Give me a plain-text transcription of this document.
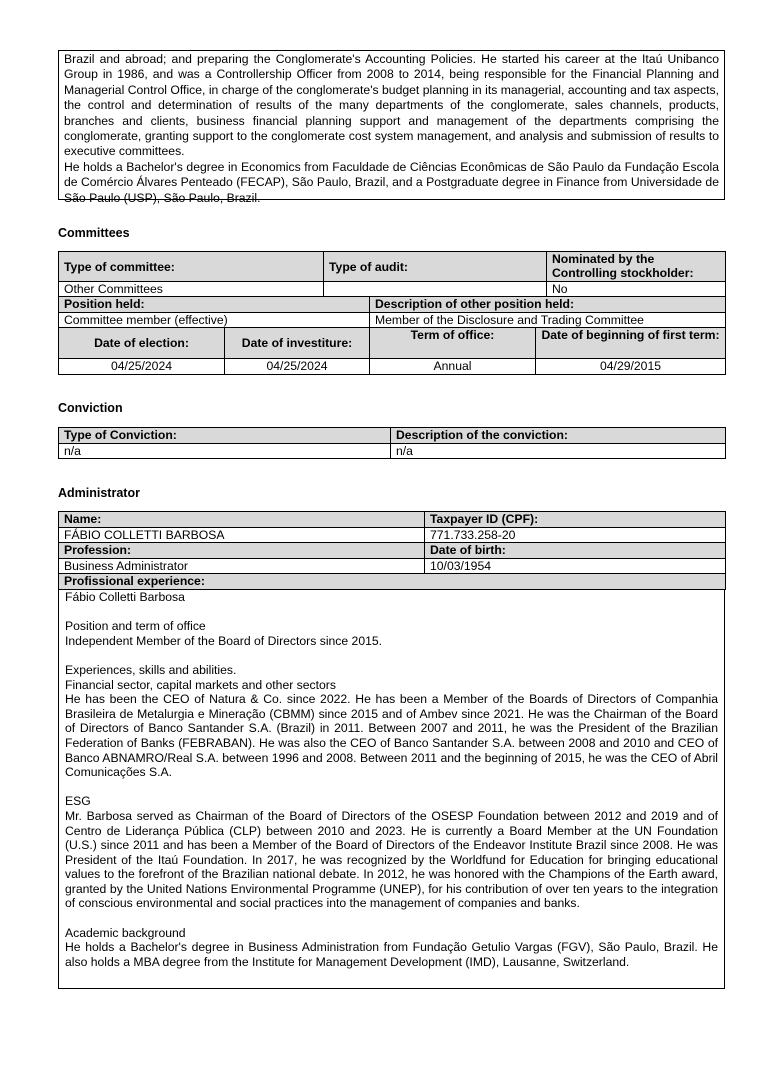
Brazil and abroad; and preparing the Conglomerate's Accounting Policies. He started his career at the Itaú Unibanco Group in 1986, and was a Controllership Officer from 2008 to 2014, being responsible for the Financial Planning and Managerial Control Office, in charge of the conglomerate's budget planning in its managerial, accounting and tax aspects, the control and determination of results of the many departments of the conglomerate, sales channels, products, branches and clients, business financial planning support and management of the departments comprising the conglomerate, granting support to the conglomerate cost system management, and analysis and submission of results to executive committees.

He holds a Bachelor's degree in Economics from Faculdade de Ciências Econômicas de São Paulo da Fundação Escola de Comércio Álvares Penteado (FECAP), São Paulo, Brazil, and a Postgraduate degree in Finance from Universidade de São Paulo (USP), São Paulo, Brazil.

Committees
Type of committee:	Type of audit:	Nominated by the Controlling stockholder:
Other Committees		No
Position held:	Description of other position held:
Committee member (effective)	Member of the Disclosure and Trading Committee
Date of election:	Date of investiture:	Term of office:	Date of beginning of first term:
04/25/2024	04/25/2024	Annual	04/29/2015
Conviction
Type of Conviction:	Description of the conviction:
n/a	n/a
Administrator
Name:	Taxpayer ID (CPF):
FÁBIO COLLETTI BARBOSA	771.733.258-20
Profession:	Date of birth:
Business Administrator	10/03/1954
Profissional experience:	

Fábio Colletti Barbosa

Position and term of office

Independent Member of the Board of Directors since 2015.

Experiences, skills and abilities.

Financial sector, capital markets and other sectors

He has been the CEO of Natura & Co. since 2022. He has been a Member of the Boards of Directors of Companhia Brasileira de Metalurgia e Mineração (CBMM) since 2015 and of Ambev since 2021. He was the Chairman of the Board of Directors of Banco Santander S.A. (Brazil) in 2011. Between 2007 and 2011, he was the President of the Brazilian Federation of Banks (FEBRABAN). He was also the CEO of Banco Santander S.A. between 2008 and 2010 and CEO of Banco ABNAMRO/Real S.A. between 1996 and 2008. Between 2011 and the beginning of 2015, he was the CEO of Abril Comunicações S.A.

ESG

Mr. Barbosa served as Chairman of the Board of Directors of the OSESP Foundation between 2012 and 2019 and of Centro de Liderança Pública (CLP) between 2010 and 2023. He is currently a Board Member at the UN Foundation (U.S.) since 2011 and has been a Member of the Board of Directors of the Endeavor Institute Brazil since 2008. He was President of the Itaú Foundation. In 2017, he was recognized by the Worldfund for Education for bringing educational values to the forefront of the Brazilian national debate. In 2012, he was honored with the Champions of the Earth award, granted by the United Nations Environmental Programme (UNEP), for his contribution of over ten years to the integration of conscious environmental and social practices into the management of companies and banks.

Academic background

He holds a Bachelor's degree in Business Administration from Fundação Getulio Vargas (FGV), São Paulo, Brazil. He also holds a MBA degree from the Institute for Management Development (IMD), Lausanne, Switzerland.
